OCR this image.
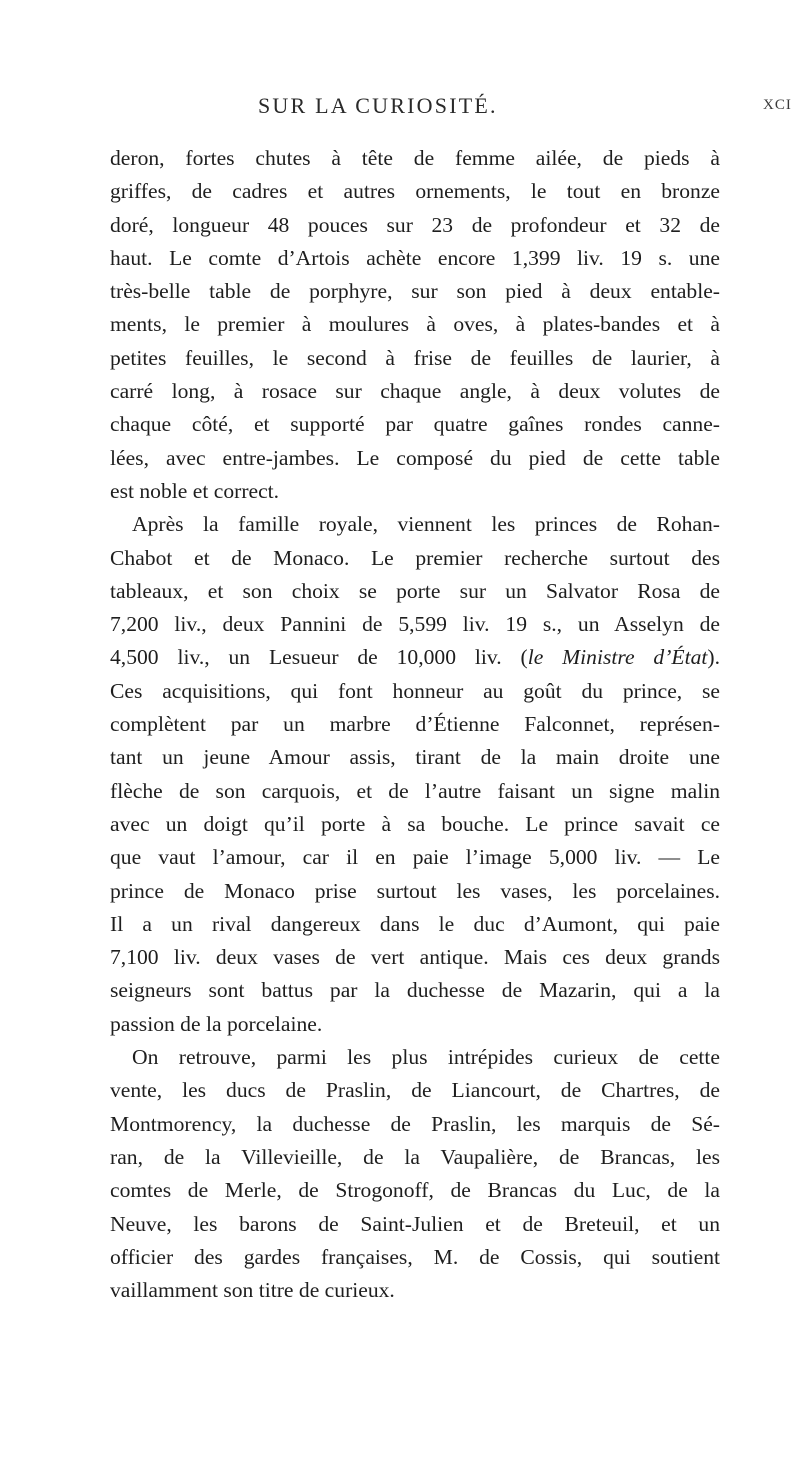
SUR LA CURIOSITÉ.	XCI
deron, fortes chutes à tête de femme ailée, de pieds à
griffes, de cadres et autres ornements, le tout en bronze
doré, longueur 48 pouces sur 23 de profondeur et 32 de
haut. Le comte d’Artois achète encore 1,399 liv. 19 s. une
très-belle table de porphyre, sur son pied à deux entable-
ments, le premier à moulures à oves, à plates-bandes et à
petites feuilles, le second à frise de feuilles de laurier, à
carré long, à rosace sur chaque angle, à deux volutes de
chaque côté, et supporté par quatre gaînes rondes canne-
lées, avec entre-jambes. Le composé du pied de cette table
est noble et correct.
Après la famille royale, viennent les princes de Rohan-
Chabot et de Monaco. Le premier recherche surtout des
tableaux, et son choix se porte sur un Salvator Rosa de
7,200 liv., deux Pannini de 5,599 liv. 19 s., un Asselyn de
4,500 liv., un Lesueur de 10,000 liv. (le Ministre d’État).
Ces acquisitions, qui font honneur au goût du prince, se
complètent par un marbre d’Étienne Falconnet, représen-
tant un jeune Amour assis, tirant de la main droite une
flèche de son carquois, et de l’autre faisant un signe malin
avec un doigt qu’il porte à sa bouche. Le prince savait ce
que vaut l’amour, car il en paie l’image 5,000 liv. — Le
prince de Monaco prise surtout les vases, les porcelaines.
Il a un rival dangereux dans le duc d’Aumont, qui paie
7,100 liv. deux vases de vert antique. Mais ces deux grands
seigneurs sont battus par la duchesse de Mazarin, qui a la
passion de la porcelaine.
On retrouve, parmi les plus intrépides curieux de cette
vente, les ducs de Praslin, de Liancourt, de Chartres, de
Montmorency, la duchesse de Praslin, les marquis de Sé-
ran, de la Villevieille, de la Vaupalière, de Brancas, les
comtes de Merle, de Strogonoff, de Brancas du Luc, de la
Neuve, les barons de Saint-Julien et de Breteuil, et un
officier des gardes françaises, M. de Cossis, qui soutient
vaillamment son titre de curieux.
